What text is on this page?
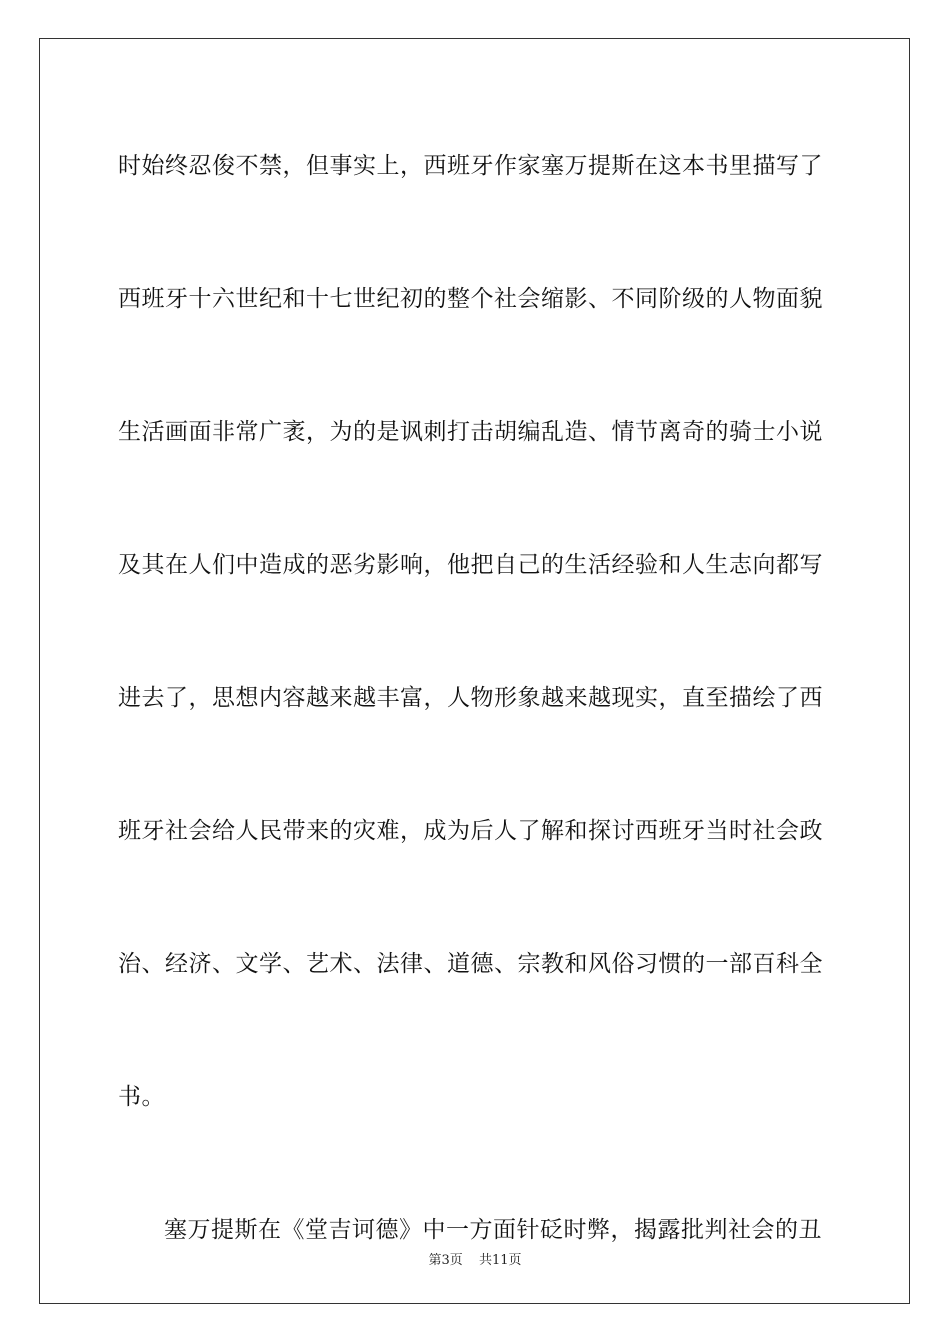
时始终忍俊不禁，但事实上，西班牙作家塞万提斯在这本书里描写了
西班牙十六世纪和十七世纪初的整个社会缩影、不同阶级的人物面貌
生活画面非常广袤，为的是讽刺打击胡编乱造、情节离奇的骑士小说
及其在人们中造成的恶劣影响，他把自己的生活经验和人生志向都写
进去了，思想内容越来越丰富，人物形象越来越现实，直至描绘了西
班牙社会给人民带来的灾难，成为后人了解和探讨西班牙当时社会政
治、经济、文学、艺术、法律、道德、宗教和风俗习惯的一部百科全
书。
塞万提斯在《堂吉诃德》中一方面针砭时弊，揭露批判社会的丑
第3页 共11页
